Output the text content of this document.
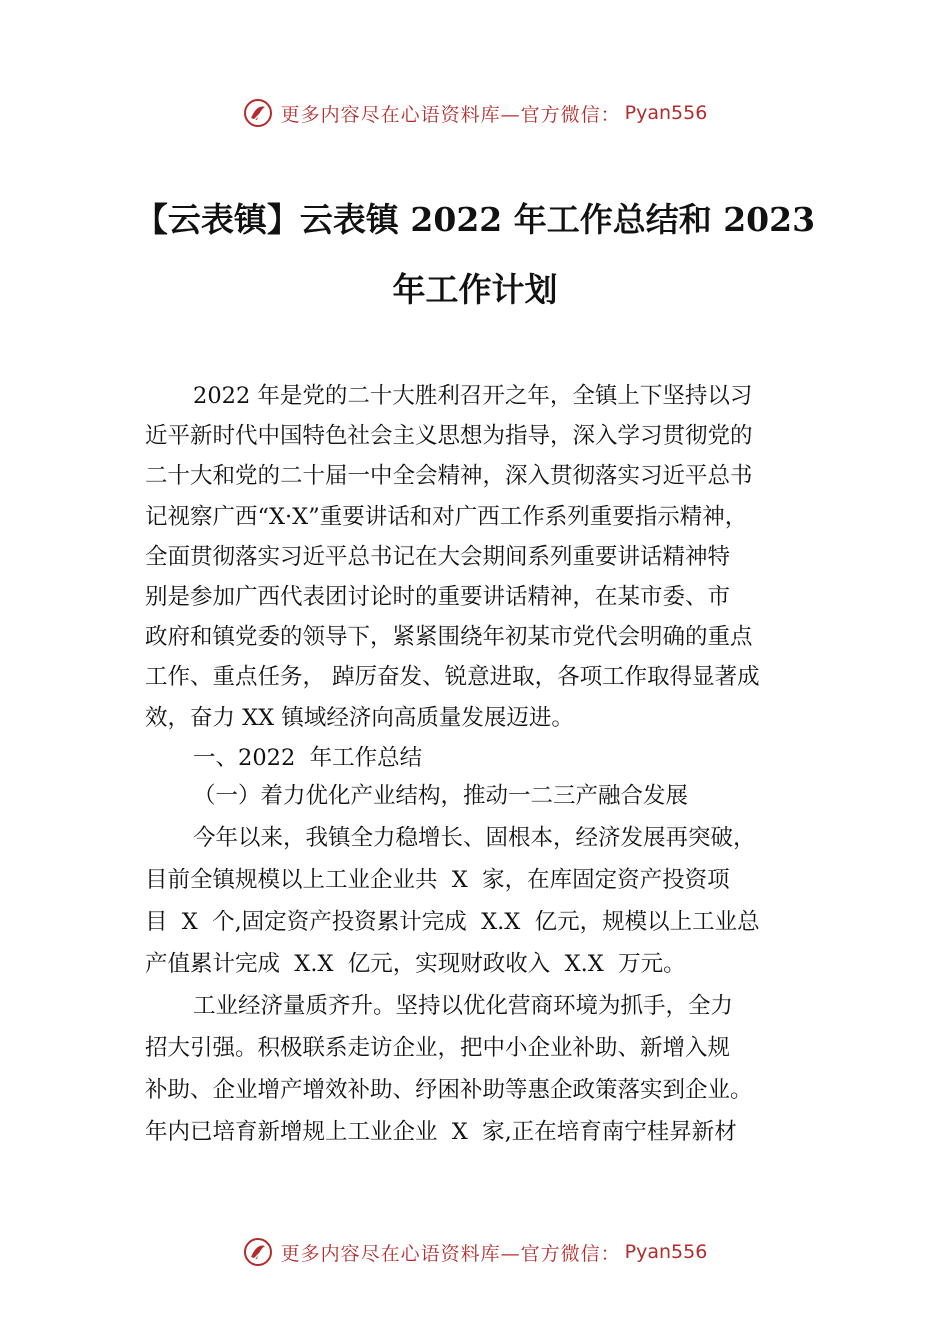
更多内容尽在心语资料库—官方微信： Pyan556
【云表镇】云表镇 2022 年工作总结和 2023
年工作计划
2022 年是党的二十大胜利召开之年，全镇上下坚持以习
近平新时代中国特色社会主义思想为指导，深入学习贯彻党的
二十大和党的二十届一中全会精神，深入贯彻落实习近平总书
记视察广西“X·X”重要讲话和对广西工作系列重要指示精神，
全面贯彻落实习近平总书记在大会期间系列重要讲话精神特
别是参加广西代表团讨论时的重要讲话精神，在某市委、市
政府和镇党委的领导下，紧紧围绕年初某市党代会明确的重点
工作、重点任务， 踔厉奋发、锐意进取，各项工作取得显著成
效，奋力 XX 镇域经济向高质量发展迈进。
一、2022  年工作总结
（一）着力优化产业结构，推动一二三产融合发展
今年以来，我镇全力稳增长、固根本，经济发展再突破，
目前全镇规模以上工业企业共  X  家，在库固定资产投资项
目  X  个,固定资产投资累计完成  X.X  亿元，规模以上工业总
产值累计完成  X.X  亿元，实现财政收入  X.X  万元。
工业经济量质齐升。坚持以优化营商环境为抓手，全力
招大引强。积极联系走访企业，把中小企业补助、新增入规
补助、企业增产增效补助、纾困补助等惠企政策落实到企业。
年内已培育新增规上工业企业  X  家,正在培育南宁桂昇新材
更多内容尽在心语资料库—官方微信： Pyan556
